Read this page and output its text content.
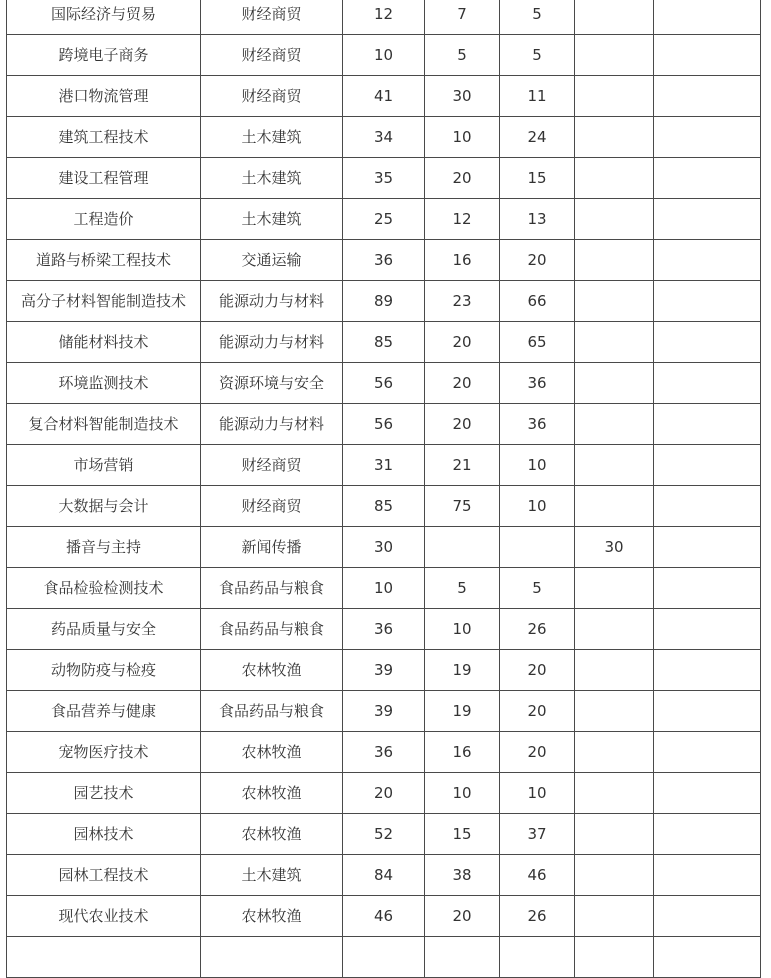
国际经济与贸易	财经商贸	12	7	5		
跨境电子商务	财经商贸	10	5	5		
港口物流管理	财经商贸	41	30	11		
建筑工程技术	土木建筑	34	10	24		
建设工程管理	土木建筑	35	20	15		
工程造价	土木建筑	25	12	13		
道路与桥梁工程技术	交通运输	36	16	20		
高分子材料智能制造技术	能源动力与材料	89	23	66		
储能材料技术	能源动力与材料	85	20	65		
环境监测技术	资源环境与安全	56	20	36		
复合材料智能制造技术	能源动力与材料	56	20	36		
市场营销	财经商贸	31	21	10		
大数据与会计	财经商贸	85	75	10		
播音与主持	新闻传播	30			30	
食品检验检测技术	食品药品与粮食	10	5	5		
药品质量与安全	食品药品与粮食	36	10	26		
动物防疫与检疫	农林牧渔	39	19	20		
食品营养与健康	食品药品与粮食	39	19	20		
宠物医疗技术	农林牧渔	36	16	20		
园艺技术	农林牧渔	20	10	10		
园林技术	农林牧渔	52	15	37		
园林工程技术	土木建筑	84	38	46		
现代农业技术	农林牧渔	46	20	26		
